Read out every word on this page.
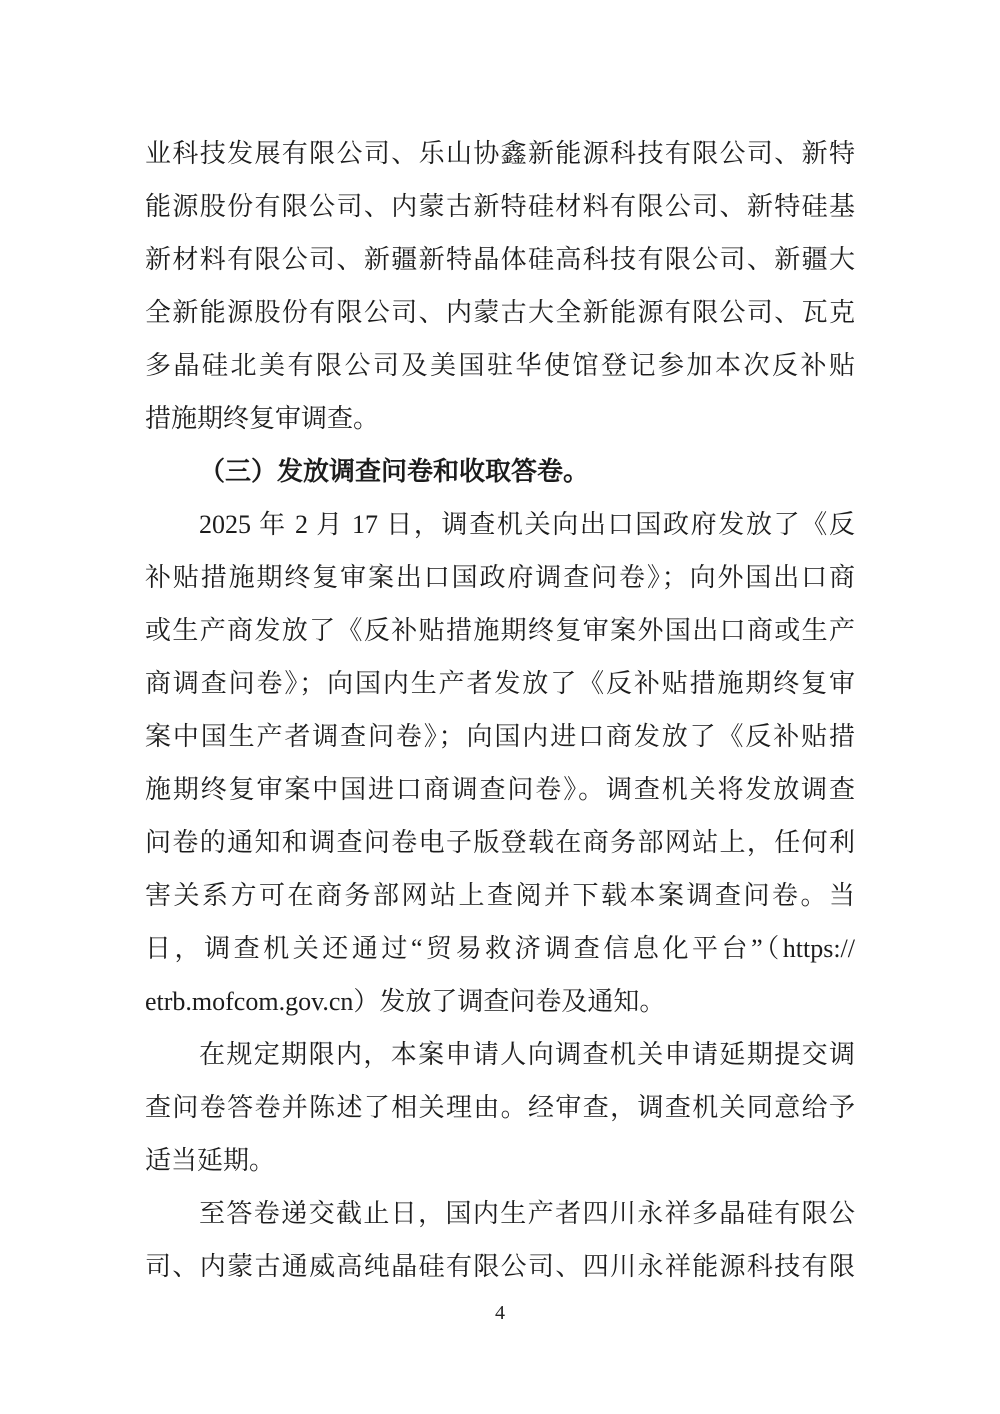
业科技发展有限公司、乐山协鑫新能源科技有限公司、新特
能源股份有限公司、内蒙古新特硅材料有限公司、新特硅基
新材料有限公司、新疆新特晶体硅高科技有限公司、新疆大
全新能源股份有限公司、内蒙古大全新能源有限公司、瓦克
多晶硅北美有限公司及美国驻华使馆登记参加本次反补贴
措施期终复审调查。
（三）发放调查问卷和收取答卷。
2025 年 2 月 17 日，调查机关向出口国政府发放了《反
补贴措施期终复审案出口国政府调查问卷》；向外国出口商
或生产商发放了《反补贴措施期终复审案外国出口商或生产
商调查问卷》；向国内生产者发放了《反补贴措施期终复审
案中国生产者调查问卷》；向国内进口商发放了《反补贴措
施期终复审案中国进口商调查问卷》。调查机关将发放调查
问卷的通知和调查问卷电子版登载在商务部网站上，任何利
害关系方可在商务部网站上查阅并下载本案调查问卷。当
日，调查机关还通过“贸易救济调查信息化平台”（https://
etrb.mofcom.gov.cn）发放了调查问卷及通知。
在规定期限内，本案申请人向调查机关申请延期提交调
查问卷答卷并陈述了相关理由。经审查，调查机关同意给予
适当延期。
至答卷递交截止日，国内生产者四川永祥多晶硅有限公
司、内蒙古通威高纯晶硅有限公司、四川永祥能源科技有限
4
